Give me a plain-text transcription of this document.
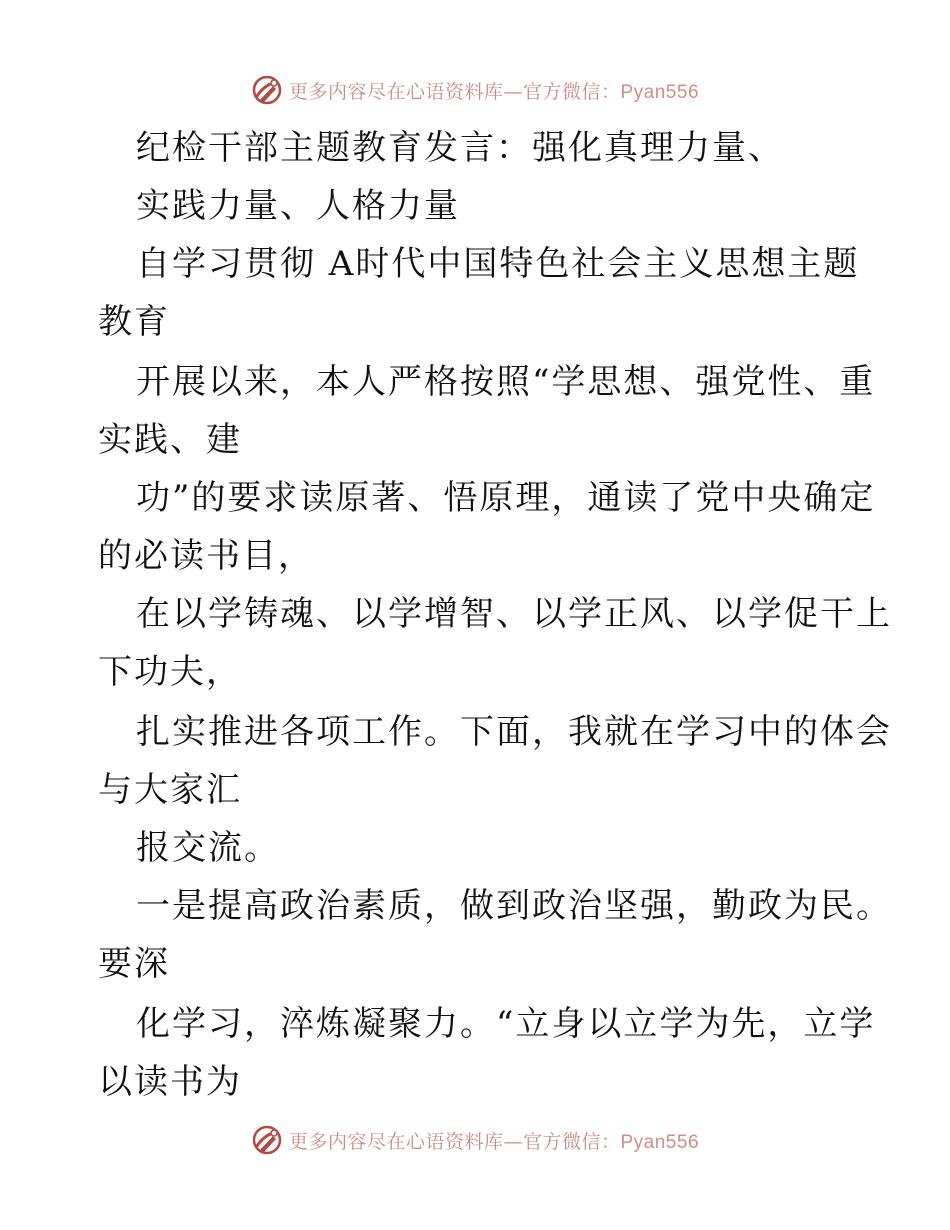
更多内容尽在心语资料库—官方微信：Pyan556
纪检干部主题教育发言：强化真理力量、
实践力量、人格力量
自学习贯彻 A时代中国特色社会主义思想主题
教育
开展以来，本人严格按照“学思想、强党性、重
实践、建
功”的要求读原著、悟原理，通读了党中央确定
的必读书目，
在以学铸魂、以学增智、以学正风、以学促干上
下功夫，
扎实推进各项工作。下面，我就在学习中的体会
与大家汇
报交流。
一是提高政治素质，做到政治坚强，勤政为民。
要深
化学习，淬炼凝聚力。“立身以立学为先，立学
以读书为
更多内容尽在心语资料库—官方微信：Pyan556
